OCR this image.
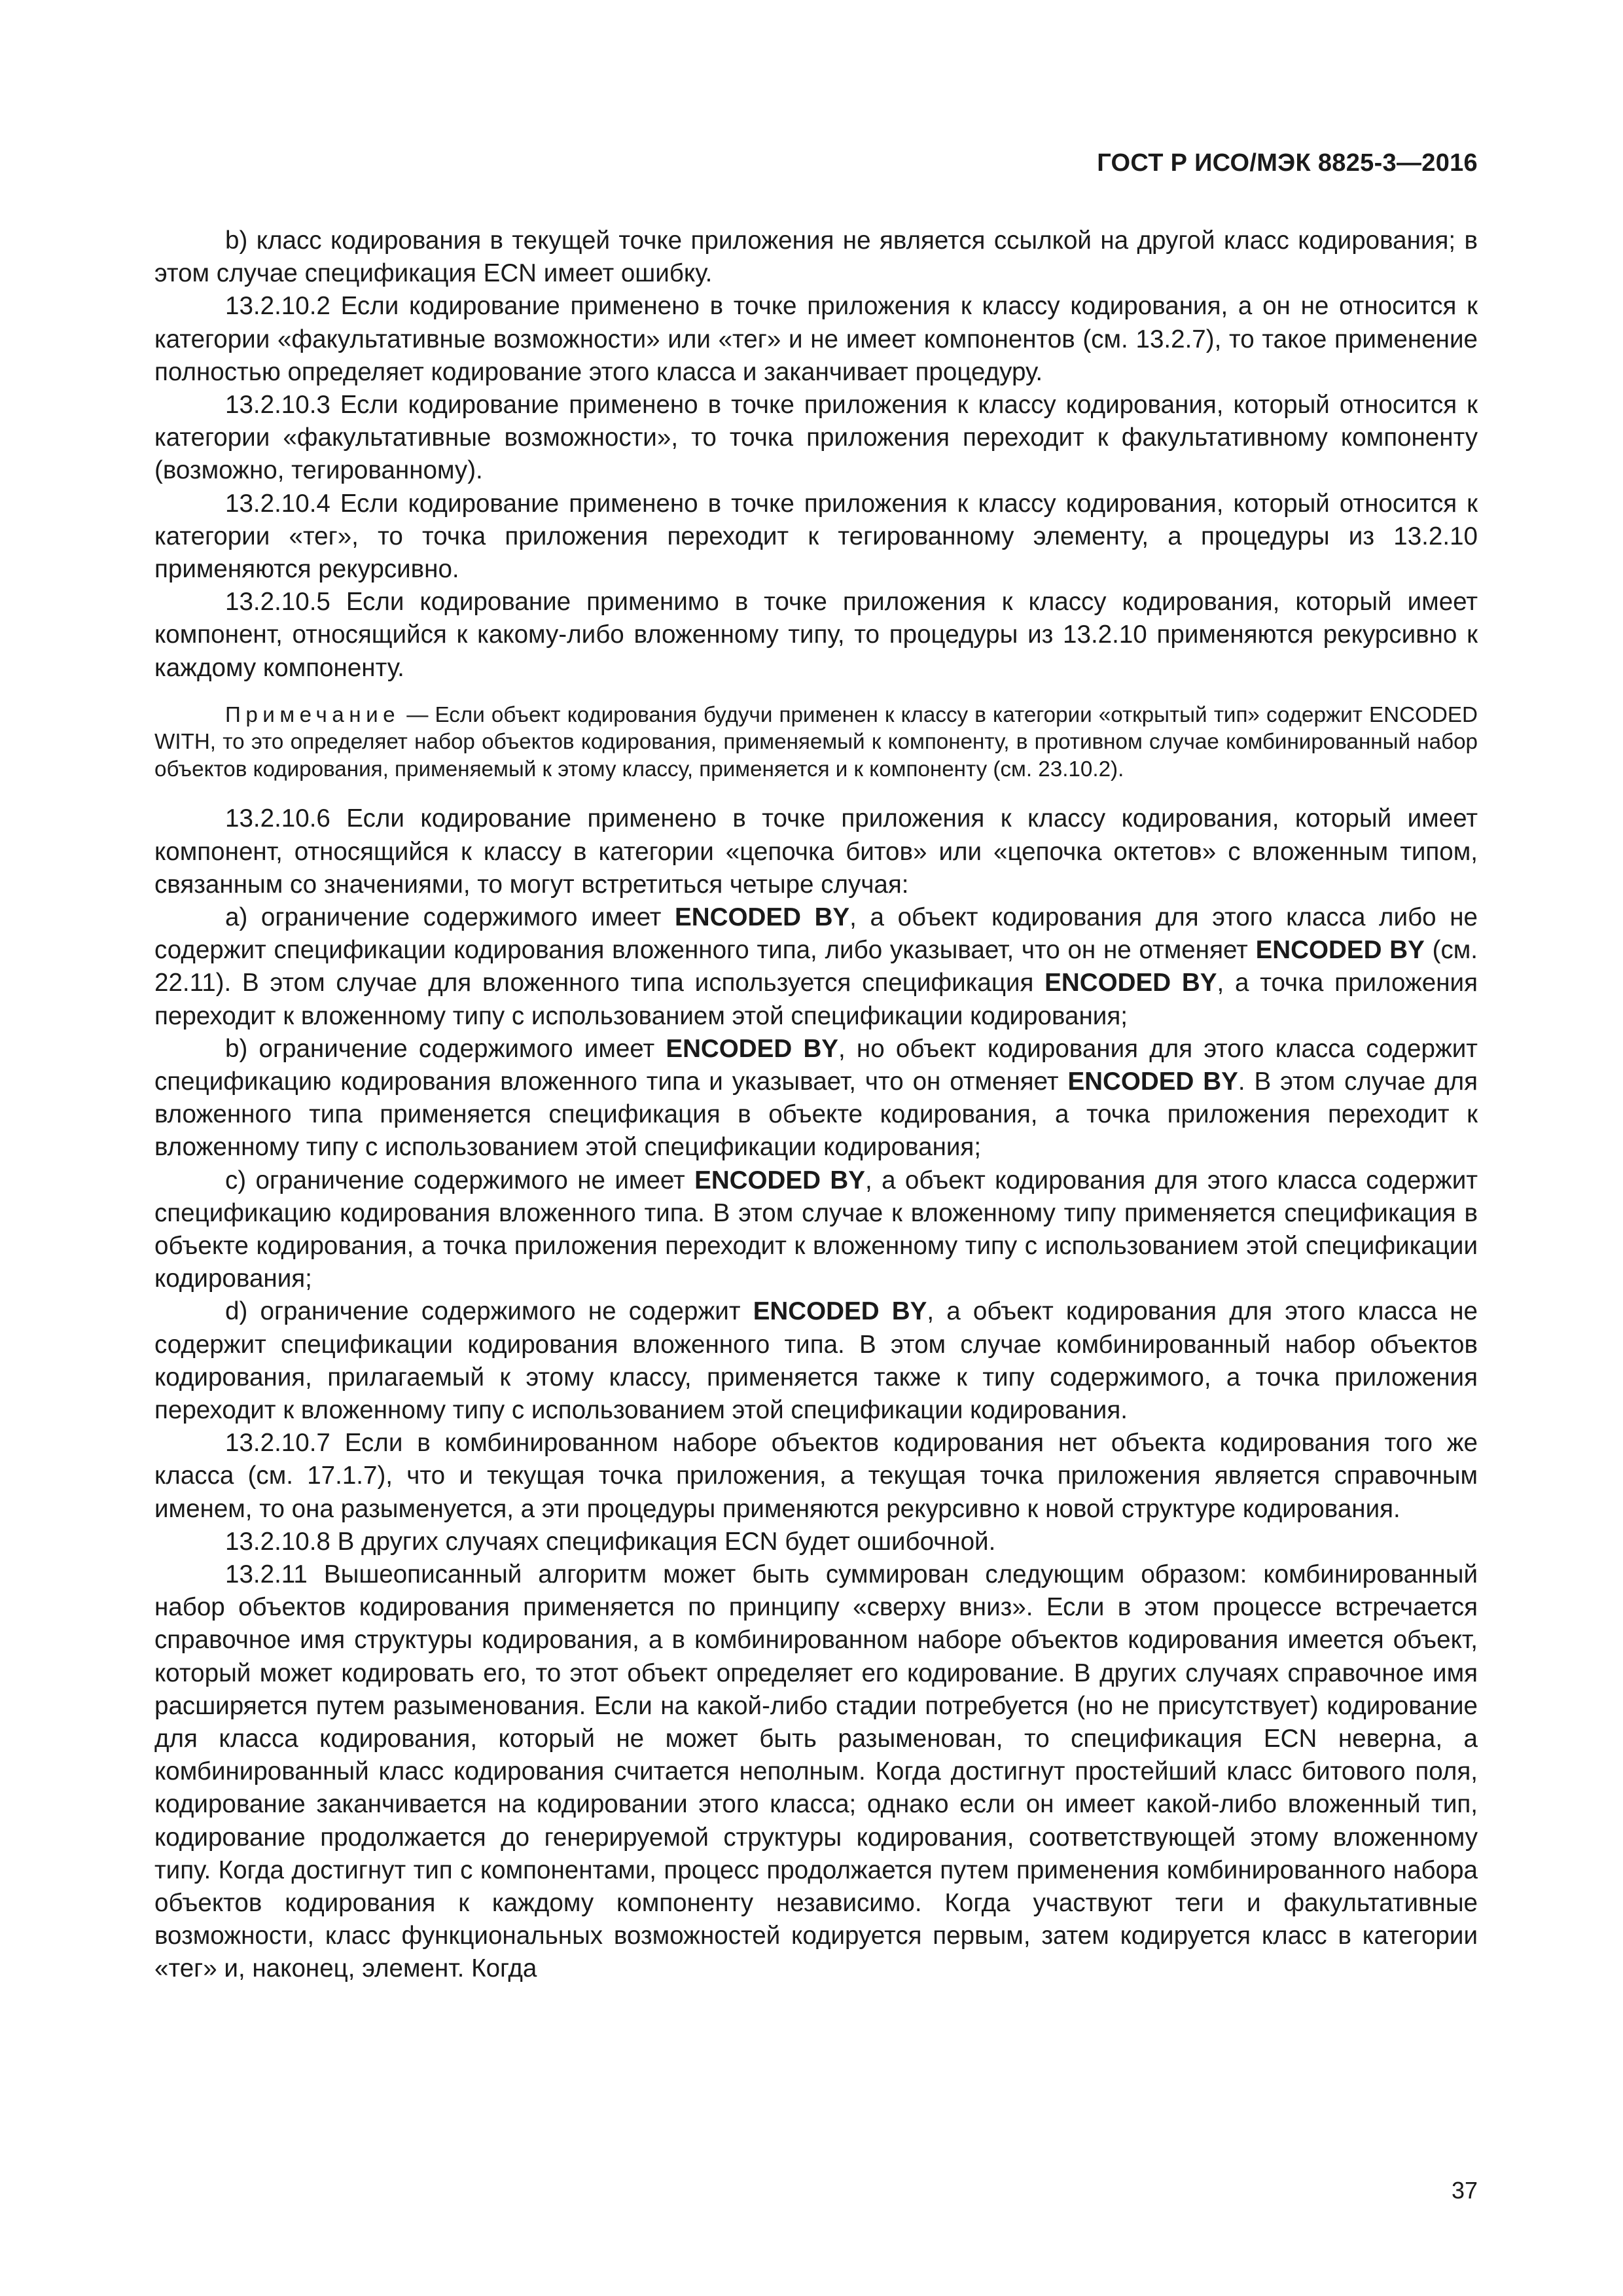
ГОСТ Р ИСО/МЭК 8825-3—2016

b) класс кодирования в текущей точке приложения не является ссылкой на другой класс кодирования; в этом случае спецификация ECN имеет ошибку.

13.2.10.2 Если кодирование применено в точке приложения к классу кодирования, а он не относится к категории «факультативные возможности» или «тег» и не имеет компонентов (см. 13.2.7), то такое применение полностью определяет кодирование этого класса и заканчивает процедуру.

13.2.10.3 Если кодирование применено в точке приложения к классу кодирования, который относится к категории «факультативные возможности», то точка приложения переходит к факультативному компоненту (возможно, тегированному).

13.2.10.4 Если кодирование применено в точке приложения к классу кодирования, который относится к категории «тег», то точка приложения переходит к тегированному элементу, а процедуры из 13.2.10 применяются рекурсивно.

13.2.10.5 Если кодирование применимо в точке приложения к классу кодирования, который имеет компонент, относящийся к какому-либо вложенному типу, то процедуры из 13.2.10 применяются рекурсивно к каждому компоненту.

Примечание — Если объект кодирования будучи применен к классу в категории «открытый тип» содержит ENCODED WITH, то это определяет набор объектов кодирования, применяемый к компоненту, в противном случае комбинированный набор объектов кодирования, применяемый к этому классу, применяется и к компоненту (см. 23.10.2).

13.2.10.6 Если кодирование применено в точке приложения к классу кодирования, который имеет компонент, относящийся к классу в категории «цепочка битов» или «цепочка октетов» с вложенным типом, связанным со значениями, то могут встретиться четыре случая:

a) ограничение содержимого имеет ENCODED BY, а объект кодирования для этого класса либо не содержит спецификации кодирования вложенного типа, либо указывает, что он не отменяет ENCODED BY (см. 22.11). В этом случае для вложенного типа используется спецификация ENCODED BY, а точка приложения переходит к вложенному типу с использованием этой спецификации кодирования;

b) ограничение содержимого имеет ENCODED BY, но объект кодирования для этого класса содержит спецификацию кодирования вложенного типа и указывает, что он отменяет ENCODED BY. В этом случае для вложенного типа применяется спецификация в объекте кодирования, а точка приложения переходит к вложенному типу с использованием этой спецификации кодирования;

c) ограничение содержимого не имеет ENCODED BY, а объект кодирования для этого класса содержит спецификацию кодирования вложенного типа. В этом случае к вложенному типу применяется спецификация в объекте кодирования, а точка приложения переходит к вложенному типу с использованием этой спецификации кодирования;

d) ограничение содержимого не содержит ENCODED BY, а объект кодирования для этого класса не содержит спецификации кодирования вложенного типа. В этом случае комбинированный набор объектов кодирования, прилагаемый к этому классу, применяется также к типу содержимого, а точка приложения переходит к вложенному типу с использованием этой спецификации кодирования.

13.2.10.7 Если в комбинированном наборе объектов кодирования нет объекта кодирования того же класса (см. 17.1.7), что и текущая точка приложения, а текущая точка приложения является справочным именем, то она разыменуется, а эти процедуры применяются рекурсивно к новой структуре кодирования.

13.2.10.8 В других случаях спецификация ECN будет ошибочной.

13.2.11 Вышеописанный алгоритм может быть суммирован следующим образом: комбинированный набор объектов кодирования применяется по принципу «сверху вниз». Если в этом процессе встречается справочное имя структуры кодирования, а в комбинированном наборе объектов кодирования имеется объект, который может кодировать его, то этот объект определяет его кодирование. В других случаях справочное имя расширяется путем разыменования. Если на какой-либо стадии потребуется (но не присутствует) кодирование для класса кодирования, который не может быть разыменован, то спецификация ECN неверна, а комбинированный класс кодирования считается неполным. Когда достигнут простейший класс битового поля, кодирование заканчивается на кодировании этого класса; однако если он имеет какой-либо вложенный тип, кодирование продолжается до генерируемой структуры кодирования, соответствующей этому вложенному типу. Когда достигнут тип с компонентами, процесс продолжается путем применения комбинированного набора объектов кодирования к каждому компоненту независимо. Когда участвуют теги и факультативные возможности, класс функциональных возможностей кодируется первым, затем кодируется класс в категории «тег» и, наконец, элемент. Когда

37
